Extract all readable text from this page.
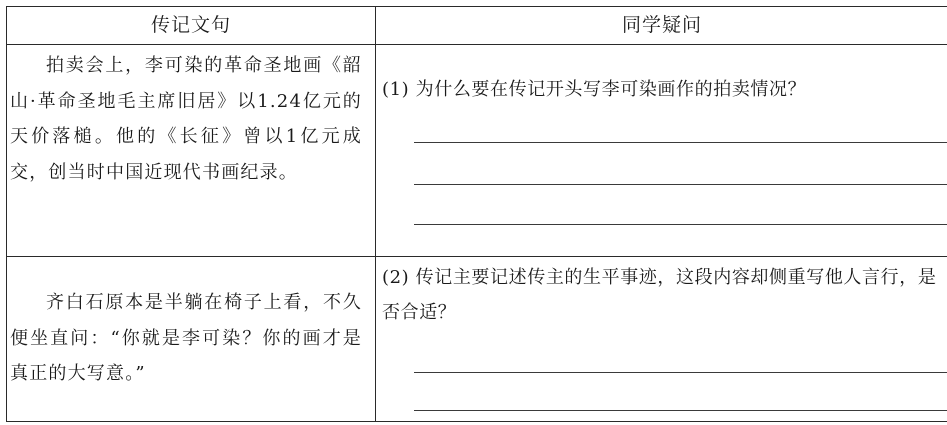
传记文句	同学疑问

拍卖会上，李可染的革命圣地画《韶山·革命圣地毛主席旧居》以1.24亿元的天价落槌。他的《长征》曾以1亿元成交，创当时中国近现代书画纪录。

齐白石原本是半躺在椅子上看，不久便坐直问：“你就是李可染？你的画才是真正的大写意。”

(1) 为什么要在传记开头写李可染画作的拍卖情况？

(2) 传记主要记述传主的生平事迹，这段内容却侧重写他人言行，是否合适？
